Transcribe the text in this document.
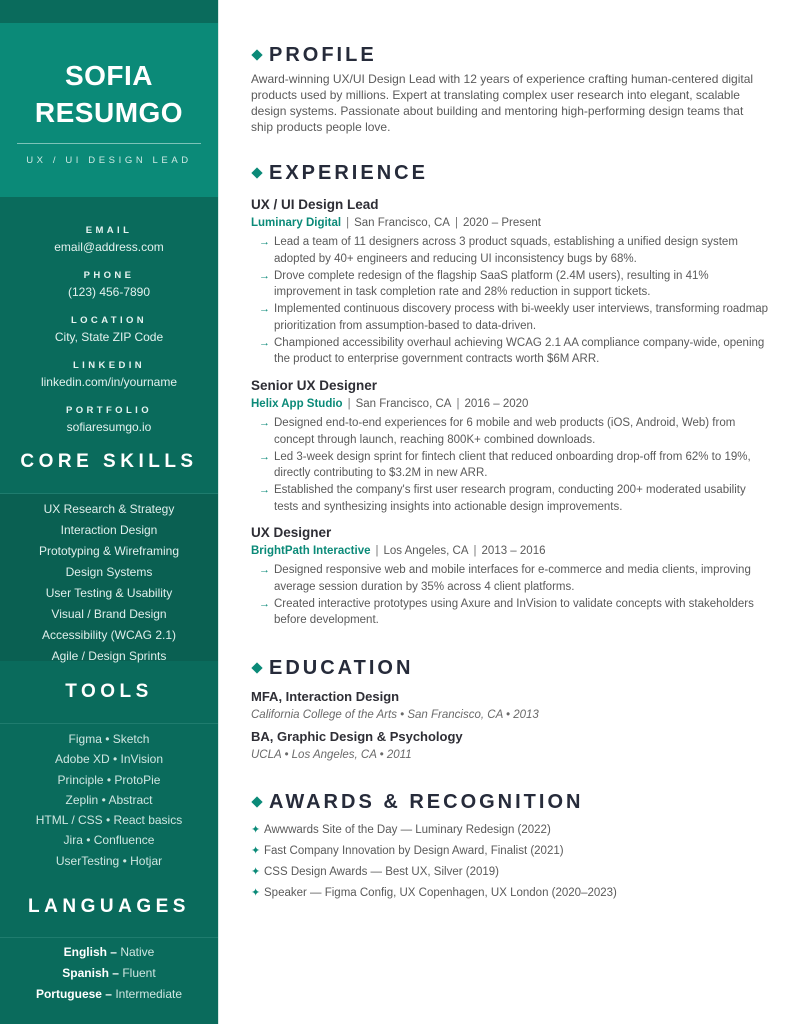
SOFIA
RESUMGO
UX / UI DESIGN LEAD
EMAIL
email@address.com
PHONE
(123) 456-7890
LOCATION
City, State ZIP Code
LINKEDIN
linkedin.com/in/yourname
PORTFOLIO
sofiaresumgo.io
CORE SKILLS
UX Research & Strategy
Interaction Design
Prototyping & Wireframing
Design Systems
User Testing & Usability
Visual / Brand Design
Accessibility (WCAG 2.1)
Agile / Design Sprints
TOOLS
Figma • Sketch
Adobe XD • InVision
Principle • ProtoPie
Zeplin • Abstract
HTML / CSS • React basics
Jira • Confluence
UserTesting • Hotjar
LANGUAGES
English – Native
Spanish – Fluent
Portuguese – Intermediate
PROFILE

Award-winning UX/UI Design Lead with 12 years of experience crafting human-centered digital products used by millions. Expert at translating complex user research into elegant, scalable design systems. Passionate about building and mentoring high-performing design teams that ship products people love.

EXPERIENCE
UX / UI Design Lead
Luminary Digital | San Francisco, CA | 2020 – Present
→ Lead a team of 11 designers across 3 product squads, establishing a unified design system adopted by 40+ engineers and reducing UI inconsistency bugs by 68%.
→ Drove complete redesign of the flagship SaaS platform (2.4M users), resulting in 41% improvement in task completion rate and 28% reduction in support tickets.
→ Implemented continuous discovery process with bi-weekly user interviews, transforming roadmap prioritization from assumption-based to data-driven.
→ Championed accessibility overhaul achieving WCAG 2.1 AA compliance company-wide, opening the product to enterprise government contracts worth $6M ARR.
Senior UX Designer
Helix App Studio | San Francisco, CA | 2016 – 2020
→ Designed end-to-end experiences for 6 mobile and web products (iOS, Android, Web) from concept through launch, reaching 800K+ combined downloads.
→ Led 3-week design sprint for fintech client that reduced onboarding drop-off from 62% to 19%, directly contributing to $3.2M in new ARR.
→ Established the company's first user research program, conducting 200+ moderated usability tests and synthesizing insights into actionable design improvements.
UX Designer
BrightPath Interactive | Los Angeles, CA | 2013 – 2016
→ Designed responsive web and mobile interfaces for e-commerce and media clients, improving average session duration by 35% across 4 client platforms.
→ Created interactive prototypes using Axure and InVision to validate concepts with stakeholders before development.
EDUCATION
MFA, Interaction Design
California College of the Arts • San Francisco, CA • 2013
BA, Graphic Design & Psychology
UCLA • Los Angeles, CA • 2011
AWARDS & RECOGNITION
✦ Awwwards Site of the Day — Luminary Redesign (2022)
✦ Fast Company Innovation by Design Award, Finalist (2021)
✦ CSS Design Awards — Best UX, Silver (2019)
✦ Speaker — Figma Config, UX Copenhagen, UX London (2020–2023)
